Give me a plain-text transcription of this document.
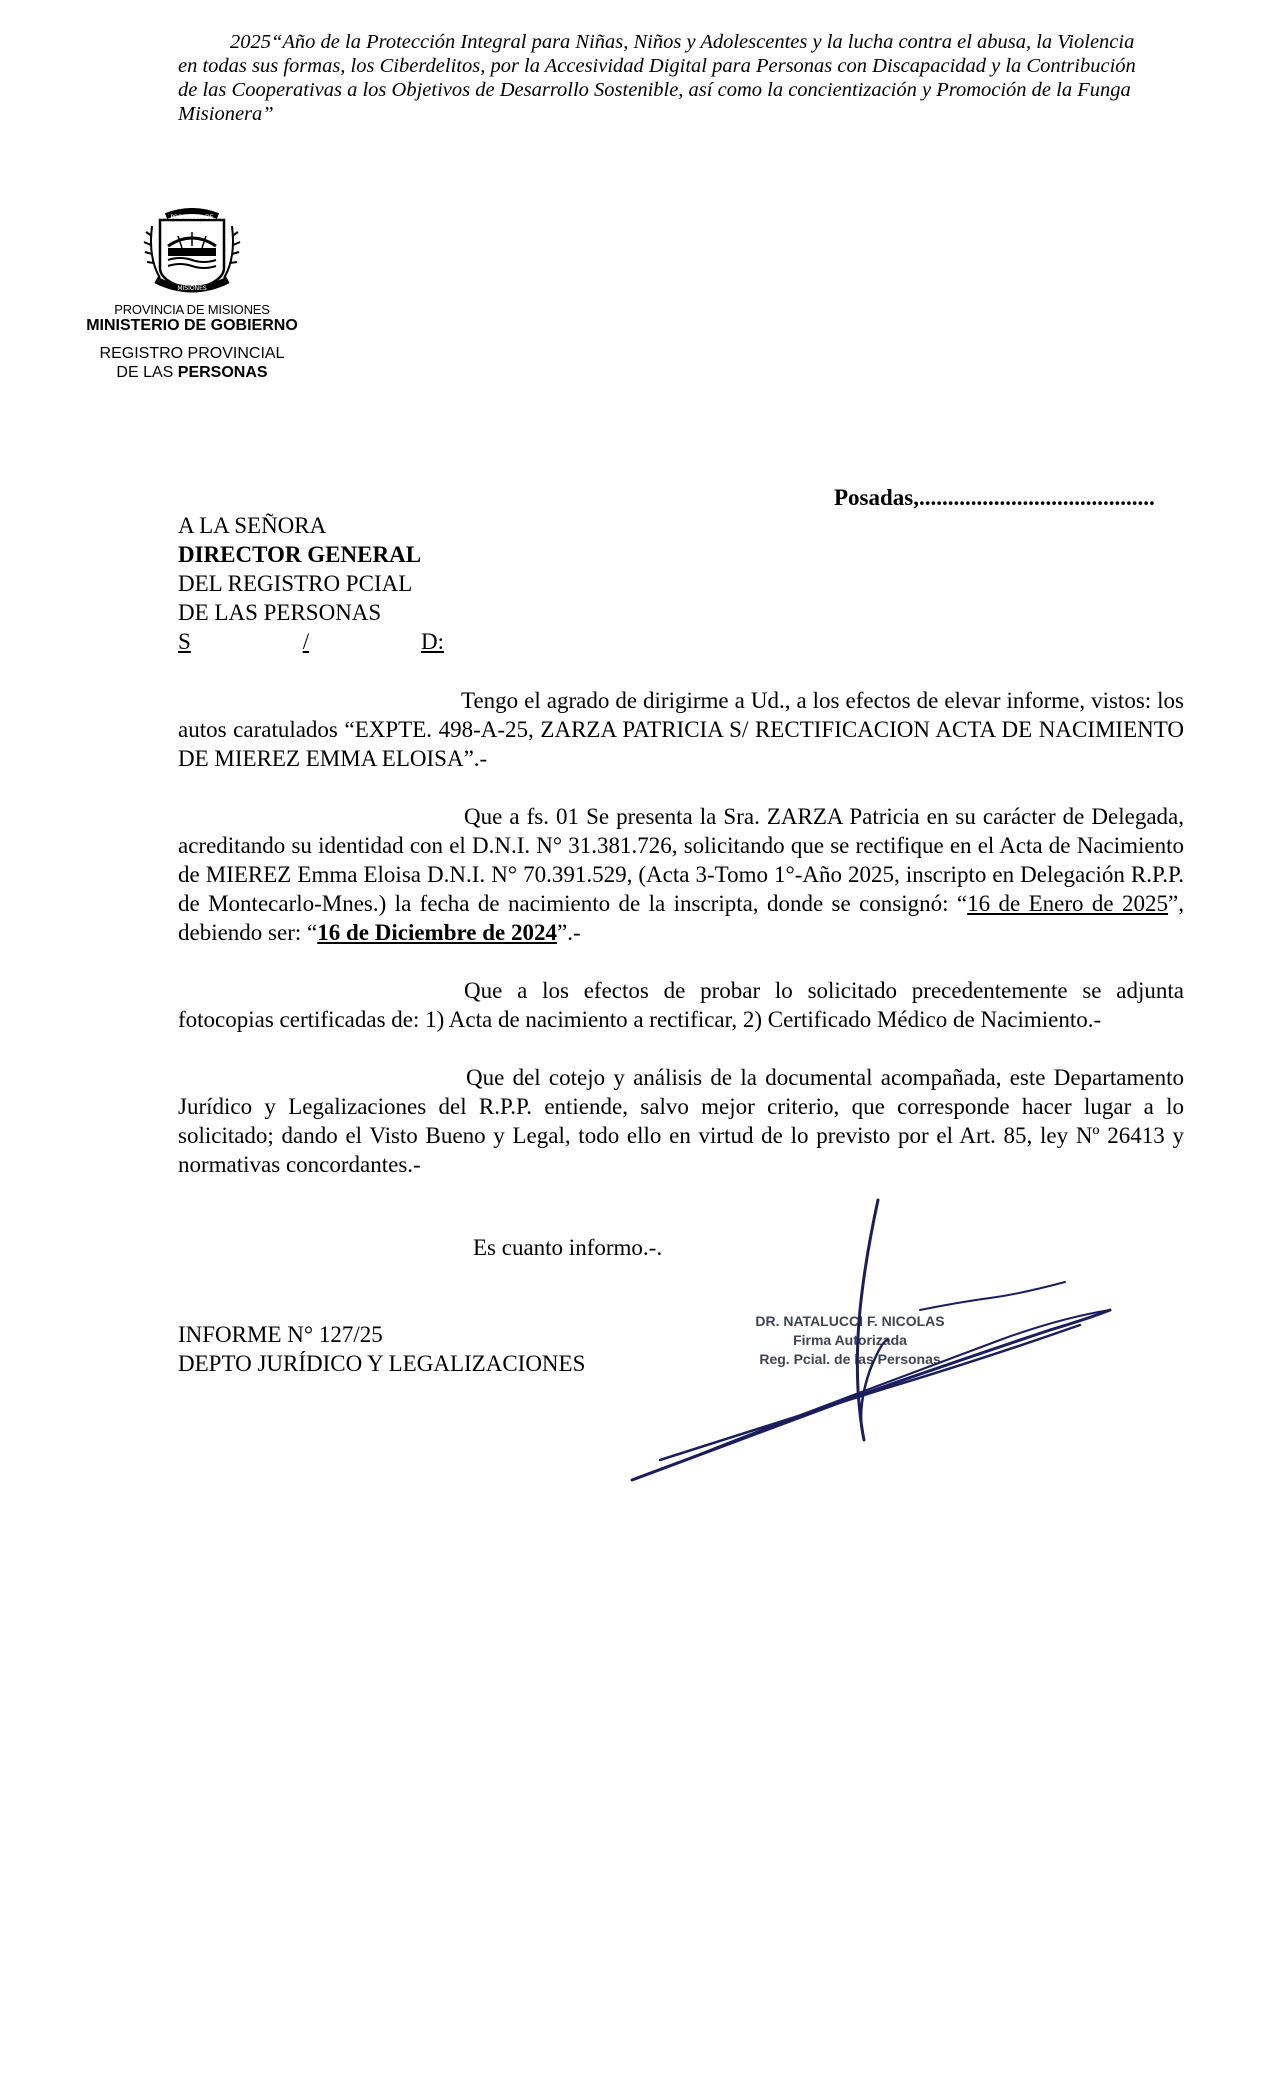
2025“Año de la Protección Integral para Niñas, Niños y Adolescentes y la lucha contra el abusa, la Violencia
en todas sus formas, los Ciberdelitos, por la Accesividad Digital para Personas con Discapacidad y la Contribución
de las Cooperativas a los Objetivos de Desarrollo Sostenible, así como la concientización y Promoción de la Funga
Misionera”
PROVINCIA DE
MISIONES
PROVINCIA DE MISIONES
MINISTERIO DE GOBIERNO
REGISTRO PROVINCIAL
DE LAS PERSONAS
Posadas,.........................................
A LA SEÑORA
DIRECTOR GENERAL
DEL REGISTRO PCIAL
DE LAS PERSONAS
S	/	D:

Tengo el agrado de dirigirme a Ud., a los efectos de elevar informe, vistos: los autos caratulados “EXPTE. 498-A-25, ZARZA PATRICIA S/ RECTIFICACION ACTA DE NACIMIENTO DE MIEREZ EMMA ELOISA”.-

Que a fs. 01 Se presenta la Sra. ZARZA Patricia en su carácter de Delegada, acreditando su identidad con el D.N.I. N° 31.381.726, solicitando que se rectifique en el Acta de Nacimiento de MIEREZ Emma Eloisa D.N.I. N° 70.391.529, (Acta 3-Tomo 1°-Año 2025, inscripto en Delegación R.P.P. de Montecarlo-Mnes.) la fecha de nacimiento de la inscripta, donde se consignó: “16 de Enero de 2025”, debiendo ser: “16 de Diciembre de 2024”.-

Que a los efectos de probar lo solicitado precedentemente se adjunta fotocopias certificadas de: 1) Acta de nacimiento a rectificar, 2) Certificado Médico de Nacimiento.-

Que del cotejo y análisis de la documental acompañada, este Departamento Jurídico y Legalizaciones del R.P.P. entiende, salvo mejor criterio, que corresponde hacer lugar a lo solicitado; dando el Visto Bueno y Legal, todo ello en virtud de lo previsto por el Art. 85, ley Nº 26413 y normativas concordantes.-

Es cuanto informo.-.
INFORME N° 127/25
DEPTO JURÍDICO Y LEGALIZACIONES
DR. NATALUCCI F. NICOLAS
Firma Autorizada
Reg. Pcial. de las Personas
